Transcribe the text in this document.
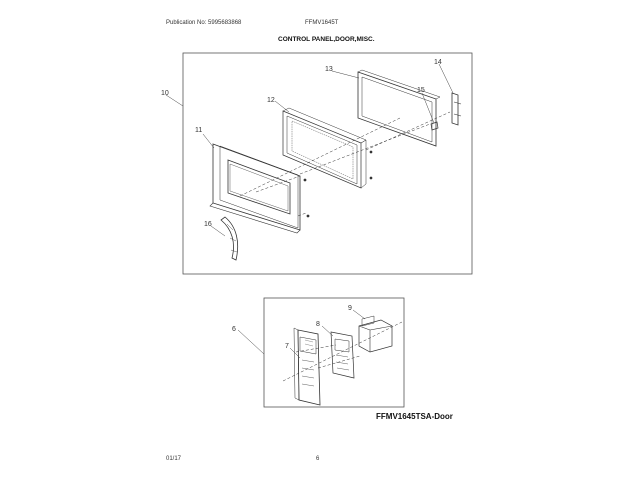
Publication No: 5995683868	FFMV1645T
CONTROL PANEL,DOOR,MISC.
10
11
12
13
14
15
16
6
7
8
9
FFMV1645TSA-Door
01/17	6
